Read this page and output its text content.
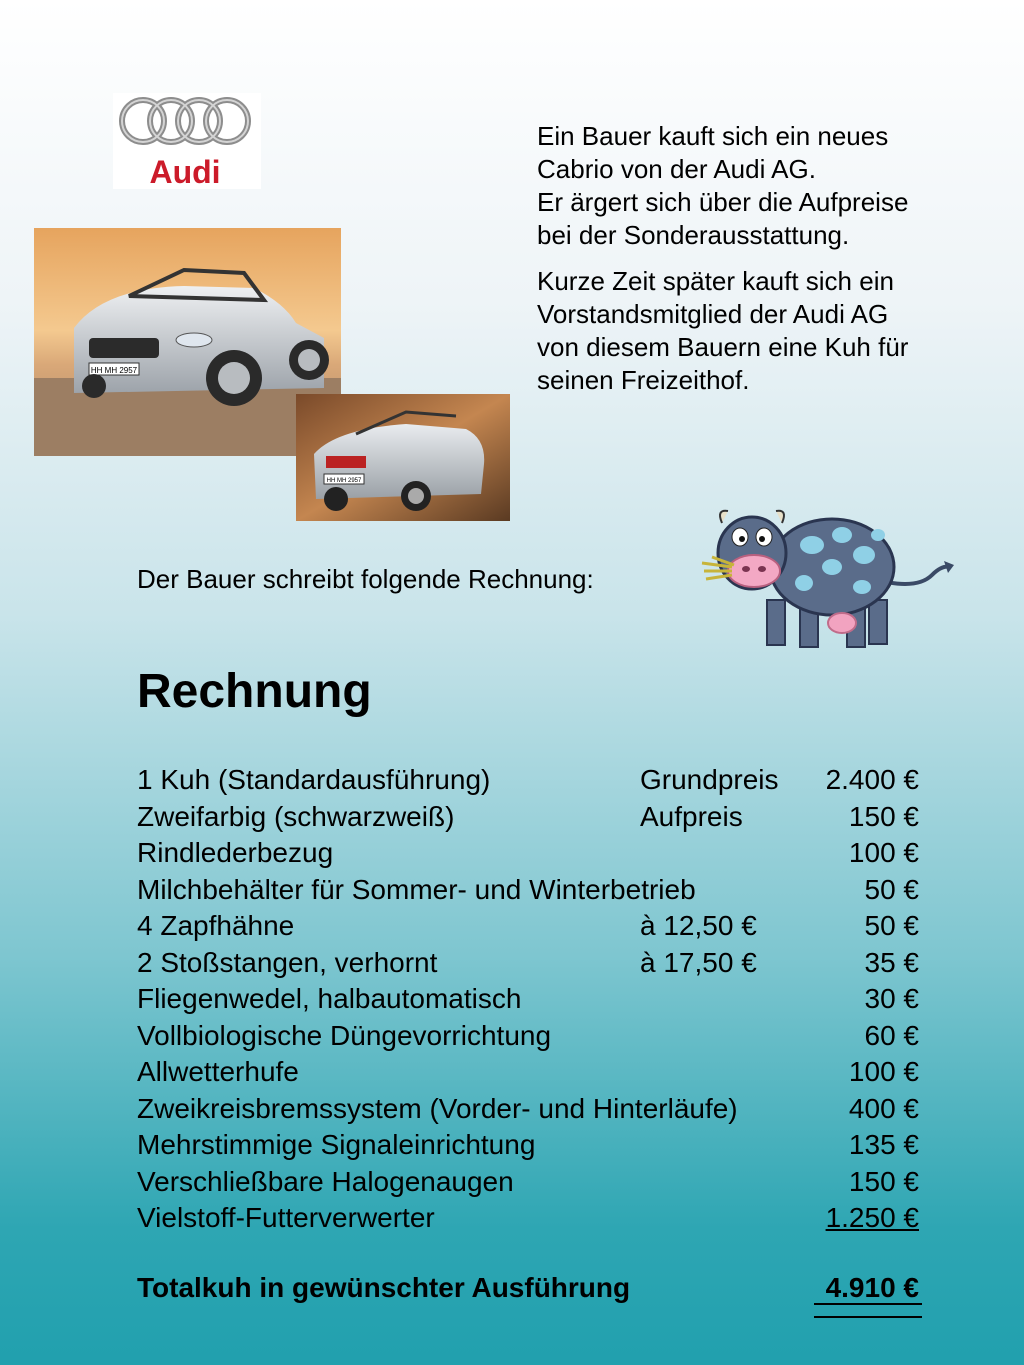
Audi

Ein Bauer kauft sich ein neues
Cabrio von der Audi AG.
Er ärgert sich über die Aufpreise
bei der Sonderausstattung.

Kurze Zeit später kauft sich ein
Vorstandsmitglied der Audi AG
von diesem Bauern eine Kuh für
seinen Freizeithof.

HH MH 2957
HH MH 2957
Der Bauer schreibt folgende Rechnung:
Rechnung
1 Kuh (Standardausführung)	Grundpreis 2.400 €
Zweifarbig (schwarzweiß)	Aufpreis	150 €
Rindlederbezug	100 €
Milchbehälter für Sommer- und Winterbetrieb	50 €
4 Zapfhähne	à 12,50 €	50 €
2 Stoßstangen, verhornt	à 17,50 €	35 €
Fliegenwedel, halbautomatisch	30 €
Vollbiologische Düngevorrichtung	60 €
Allwetterhufe	100 €
Zweikreisbremssystem (Vorder- und Hinterläufe)	400 €
Mehrstimmige Signaleinrichtung	135 €
Verschließbare Halogenaugen	150 €
Vielstoff-Futterverwerter	1.250 €
Totalkuh in gewünschter Ausführung	4.910 €
